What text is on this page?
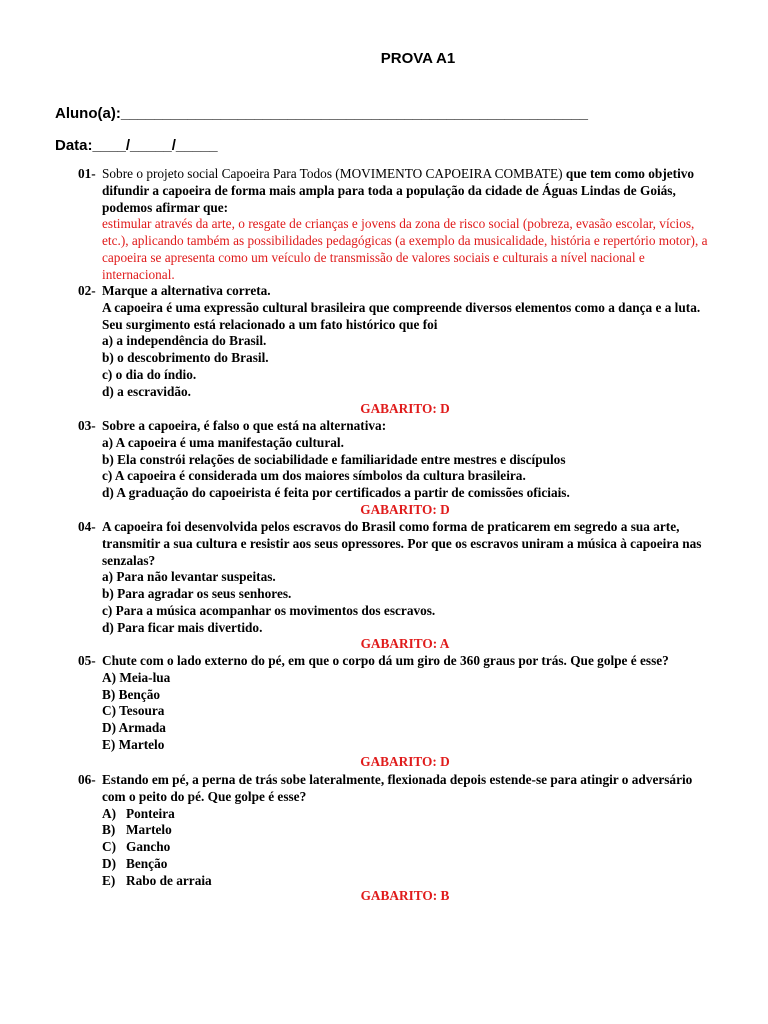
PROVA A1
Aluno(a):________________________________________________________
Data:____/_____/_____
01- Sobre o projeto social Capoeira Para Todos (MOVIMENTO CAPOEIRA COMBATE) que tem como objetivo difundir a capoeira de forma mais ampla para toda a população da cidade de Águas Lindas de Goiás, podemos afirmar que:
estimular através da arte, o resgate de crianças e jovens da zona de risco social (pobreza, evasão escolar, vícios, etc.), aplicando também as possibilidades pedagógicas (a exemplo da musicalidade, história e repertório motor), a capoeira se apresenta como um veículo de transmissão de valores sociais e culturais a nível nacional e internacional.
02- Marque a alternativa correta.
A capoeira é uma expressão cultural brasileira que compreende diversos elementos como a dança e a luta. Seu surgimento está relacionado a um fato histórico que foi
a) a independência do Brasil.
b) o descobrimento do Brasil.
c) o dia do índio.
d) a escravidão.
GABARITO: D
03- Sobre a capoeira, é falso o que está na alternativa:
a) A capoeira é uma manifestação cultural.
b) Ela constrói relações de sociabilidade e familiaridade entre mestres e discípulos
c) A capoeira é considerada um dos maiores símbolos da cultura brasileira.
d) A graduação do capoeirista é feita por certificados a partir de comissões oficiais.
GABARITO: D
04- A capoeira foi desenvolvida pelos escravos do Brasil como forma de praticarem em segredo a sua arte, transmitir a sua cultura e resistir aos seus opressores. Por que os escravos uniram a música à capoeira nas senzalas?
a) Para não levantar suspeitas.
b) Para agradar os seus senhores.
c) Para a música acompanhar os movimentos dos escravos.
d) Para ficar mais divertido.
GABARITO: A
05- Chute com o lado externo do pé, em que o corpo dá um giro de 360 graus por trás. Que golpe é esse?
A) Meia-lua
B) Benção
C) Tesoura
D) Armada
E) Martelo
GABARITO: D
06- Estando em pé, a perna de trás sobe lateralmente, flexionada depois estende-se para atingir o adversário com o peito do pé. Que golpe é esse?
A) Ponteira
B) Martelo
C) Gancho
D) Benção
E) Rabo de arraia
GABARITO: B
